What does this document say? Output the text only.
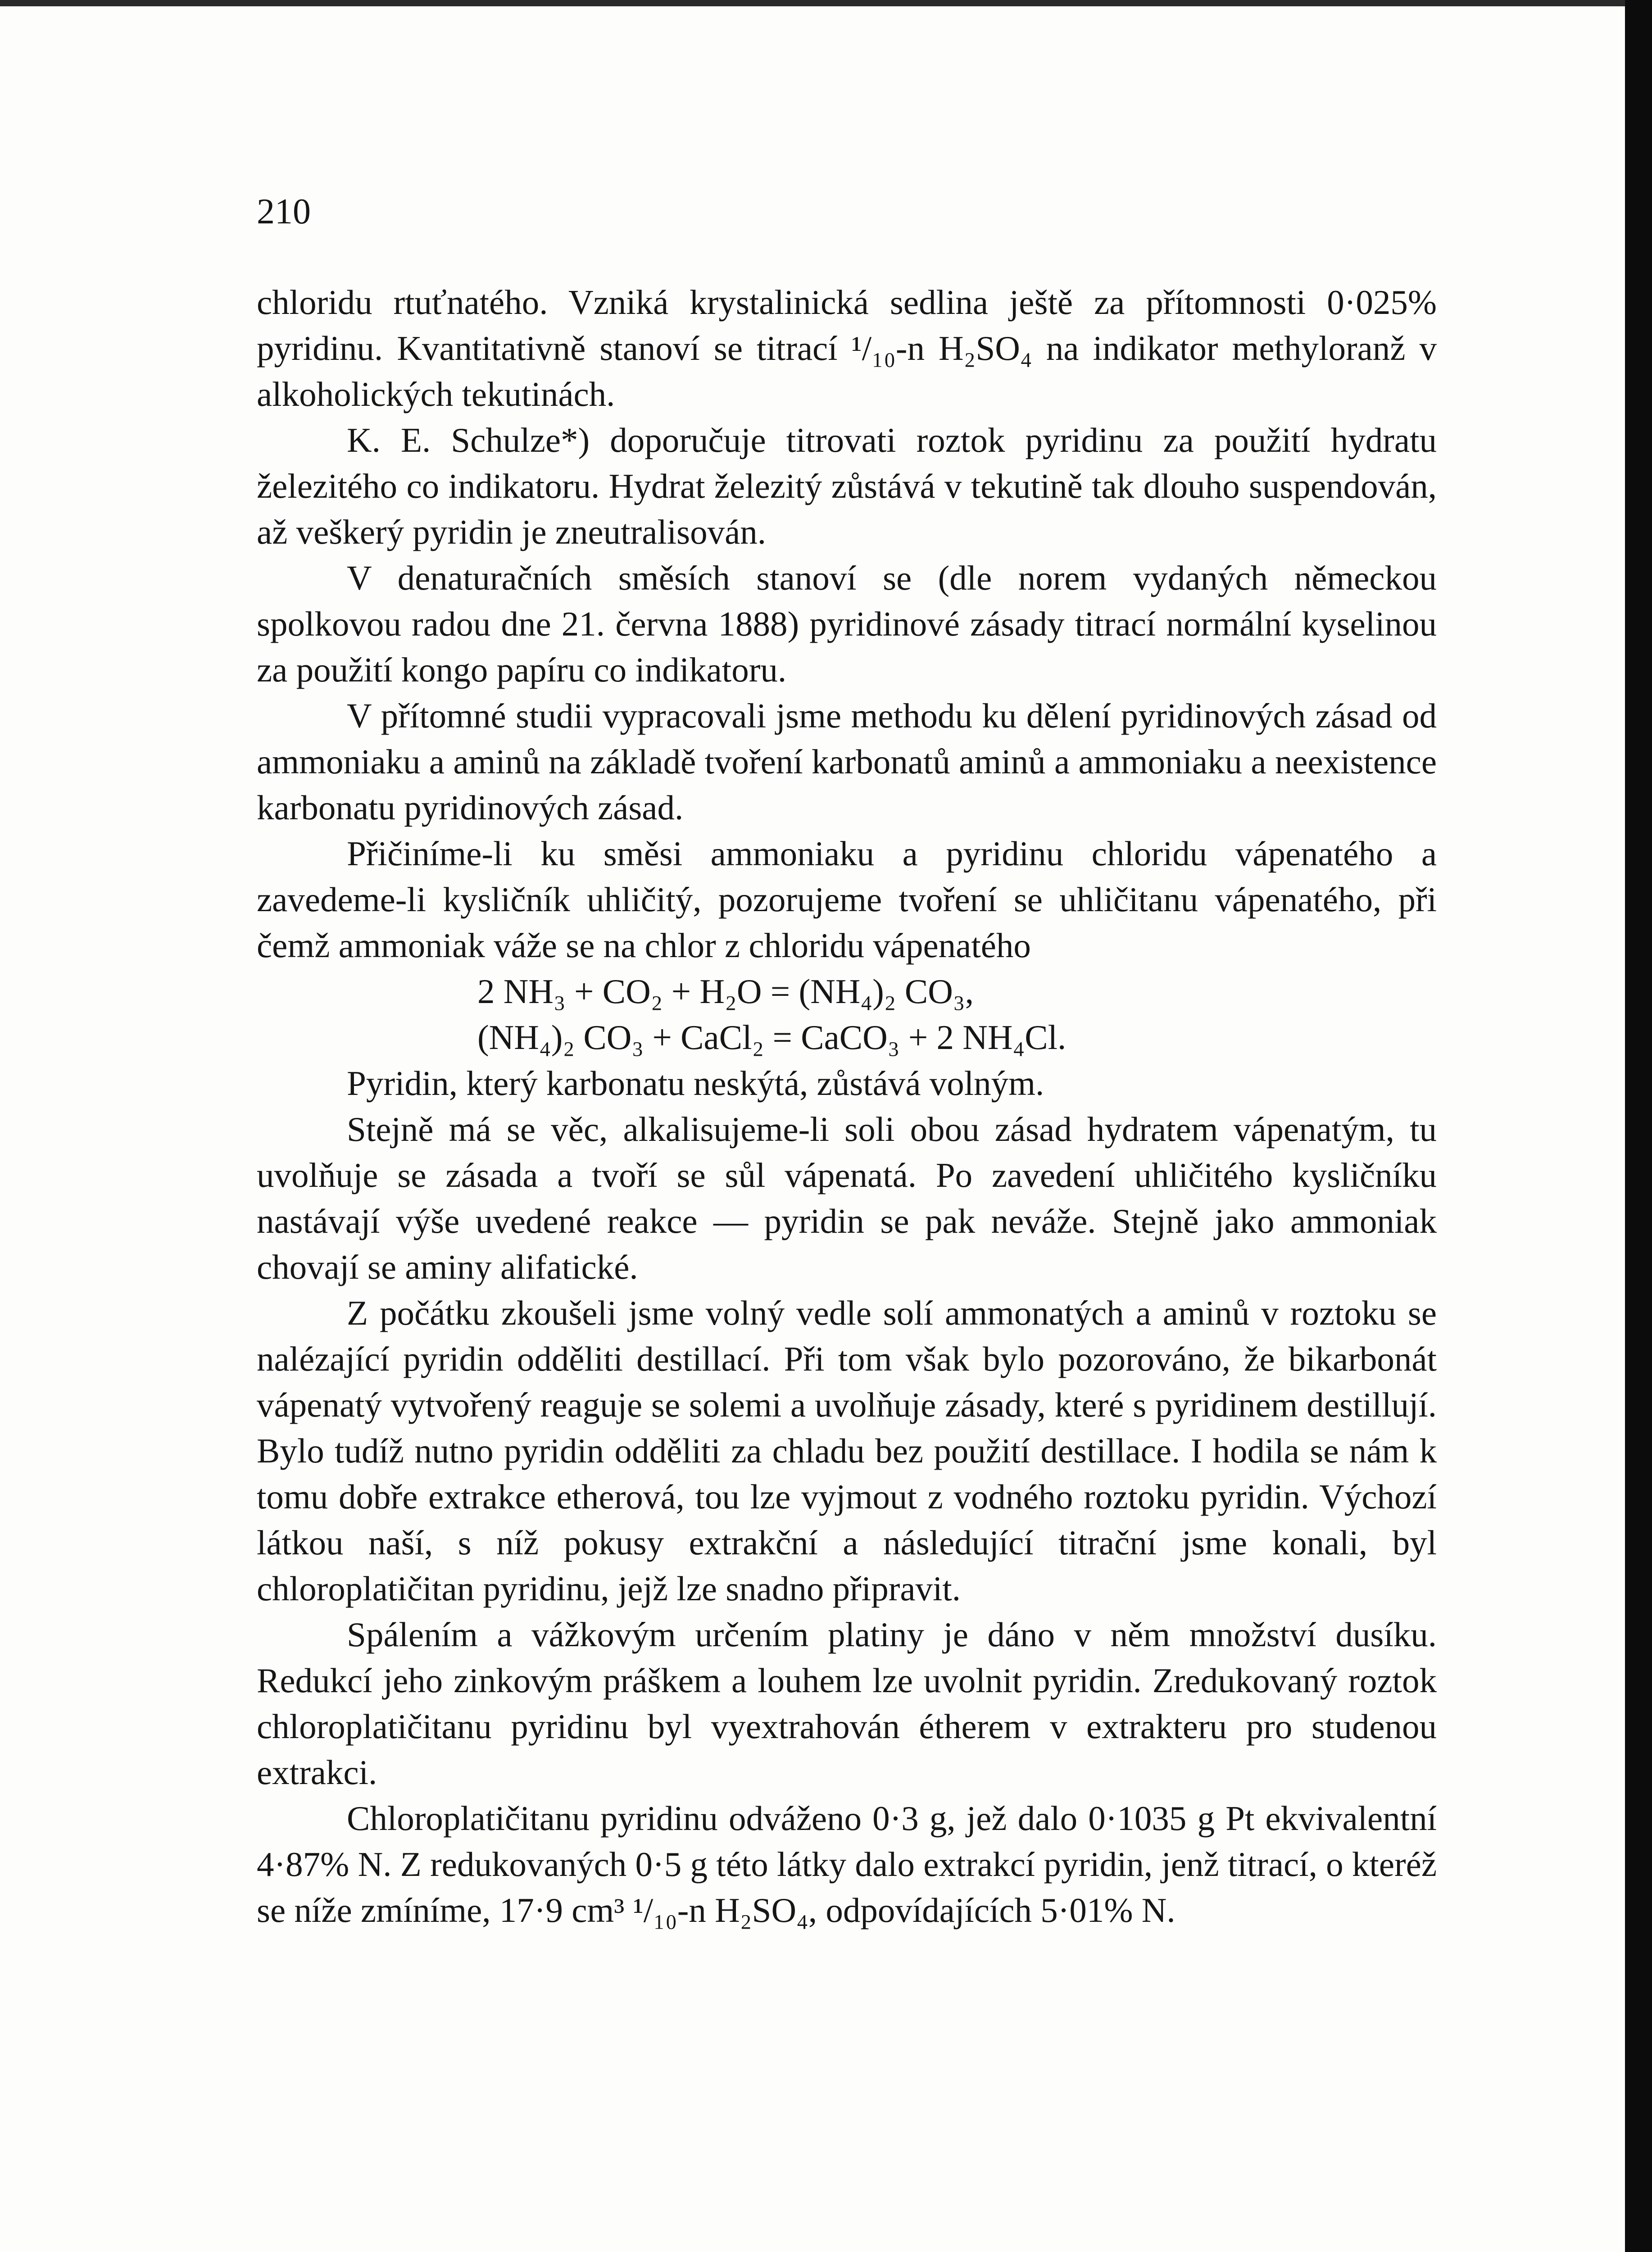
210

chloridu rtuťnatého. Vzniká krystalinická sedlina ještě za přítomnosti 0·025% pyridinu. Kvantitativně stanoví se titrací ¹/₁₀-n H₂SO₄ na indikator methyloranž v alkoholických tekutinách.

K. E. Schulze*) doporučuje titrovati roztok pyridinu za použití hydratu železitého co indikatoru. Hydrat železitý zůstává v tekutině tak dlouho suspendován, až veškerý pyridin je zneutralisován.

V denaturačních směsích stanoví se (dle norem vydaných německou spolkovou radou dne 21. června 1888) pyridinové zásady titrací normální kyselinou za použití kongo papíru co indikatoru.

V přítomné studii vypracovali jsme methodu ku dělení pyridinových zásad od ammoniaku a aminů na základě tvoření karbonatů aminů a ammoniaku a neexistence karbonatu pyridinových zásad.

Přičiníme-li ku směsi ammoniaku a pyridinu chloridu vápenatého a zavedeme-li kysličník uhličitý, pozorujeme tvoření se uhličitanu vápenatého, při čemž ammoniak váže se na chlor z chloridu vápenatého

2 NH₃ + CO₂ + H₂O = (NH₄)₂ CO₃,
(NH₄)₂ CO₃ + CaCl₂ = CaCO₃ + 2 NH₄Cl.

Pyridin, který karbonatu neskýtá, zůstává volným.

Stejně má se věc, alkalisujeme-li soli obou zásad hydratem vápenatým, tu uvolňuje se zásada a tvoří se sůl vápenatá. Po zavedení uhličitého kysličníku nastávají výše uvedené reakce — pyridin se pak neváže. Stejně jako ammoniak chovají se aminy alifatické.

Z počátku zkoušeli jsme volný vedle solí ammonatých a aminů v roztoku se nalézající pyridin odděliti destillací. Při tom však bylo pozorováno, že bikarbonát vápenatý vytvořený reaguje se solemi a uvolňuje zásady, které s pyridinem destillují. Bylo tudíž nutno pyridin odděliti za chladu bez použití destillace. I hodila se nám k tomu dobře extrakce etherová, tou lze vyjmout z vodného roztoku pyridin. Výchozí látkou naší, s níž pokusy extrakční a následující titrační jsme konali, byl chloroplatičitan pyridinu, jejž lze snadno připravit.

Spálením a vážkovým určením platiny je dáno v něm množství dusíku. Redukcí jeho zinkovým práškem a louhem lze uvolnit pyridin. Zredukovaný roztok chloroplatičitanu pyridinu byl vyextrahován étherem v extrakteru pro studenou extrakci.

Chloroplatičitanu pyridinu odváženo 0·3 g, jež dalo 0·1035 g Pt ekvivalentní 4·87% N. Z redukovaných 0·5 g této látky dalo extrakcí pyridin, jenž titrací, o kteréž se níže zmíníme, 17·9 cm³ ¹/₁₀-n H₂SO₄, odpovídajících 5·01% N.
